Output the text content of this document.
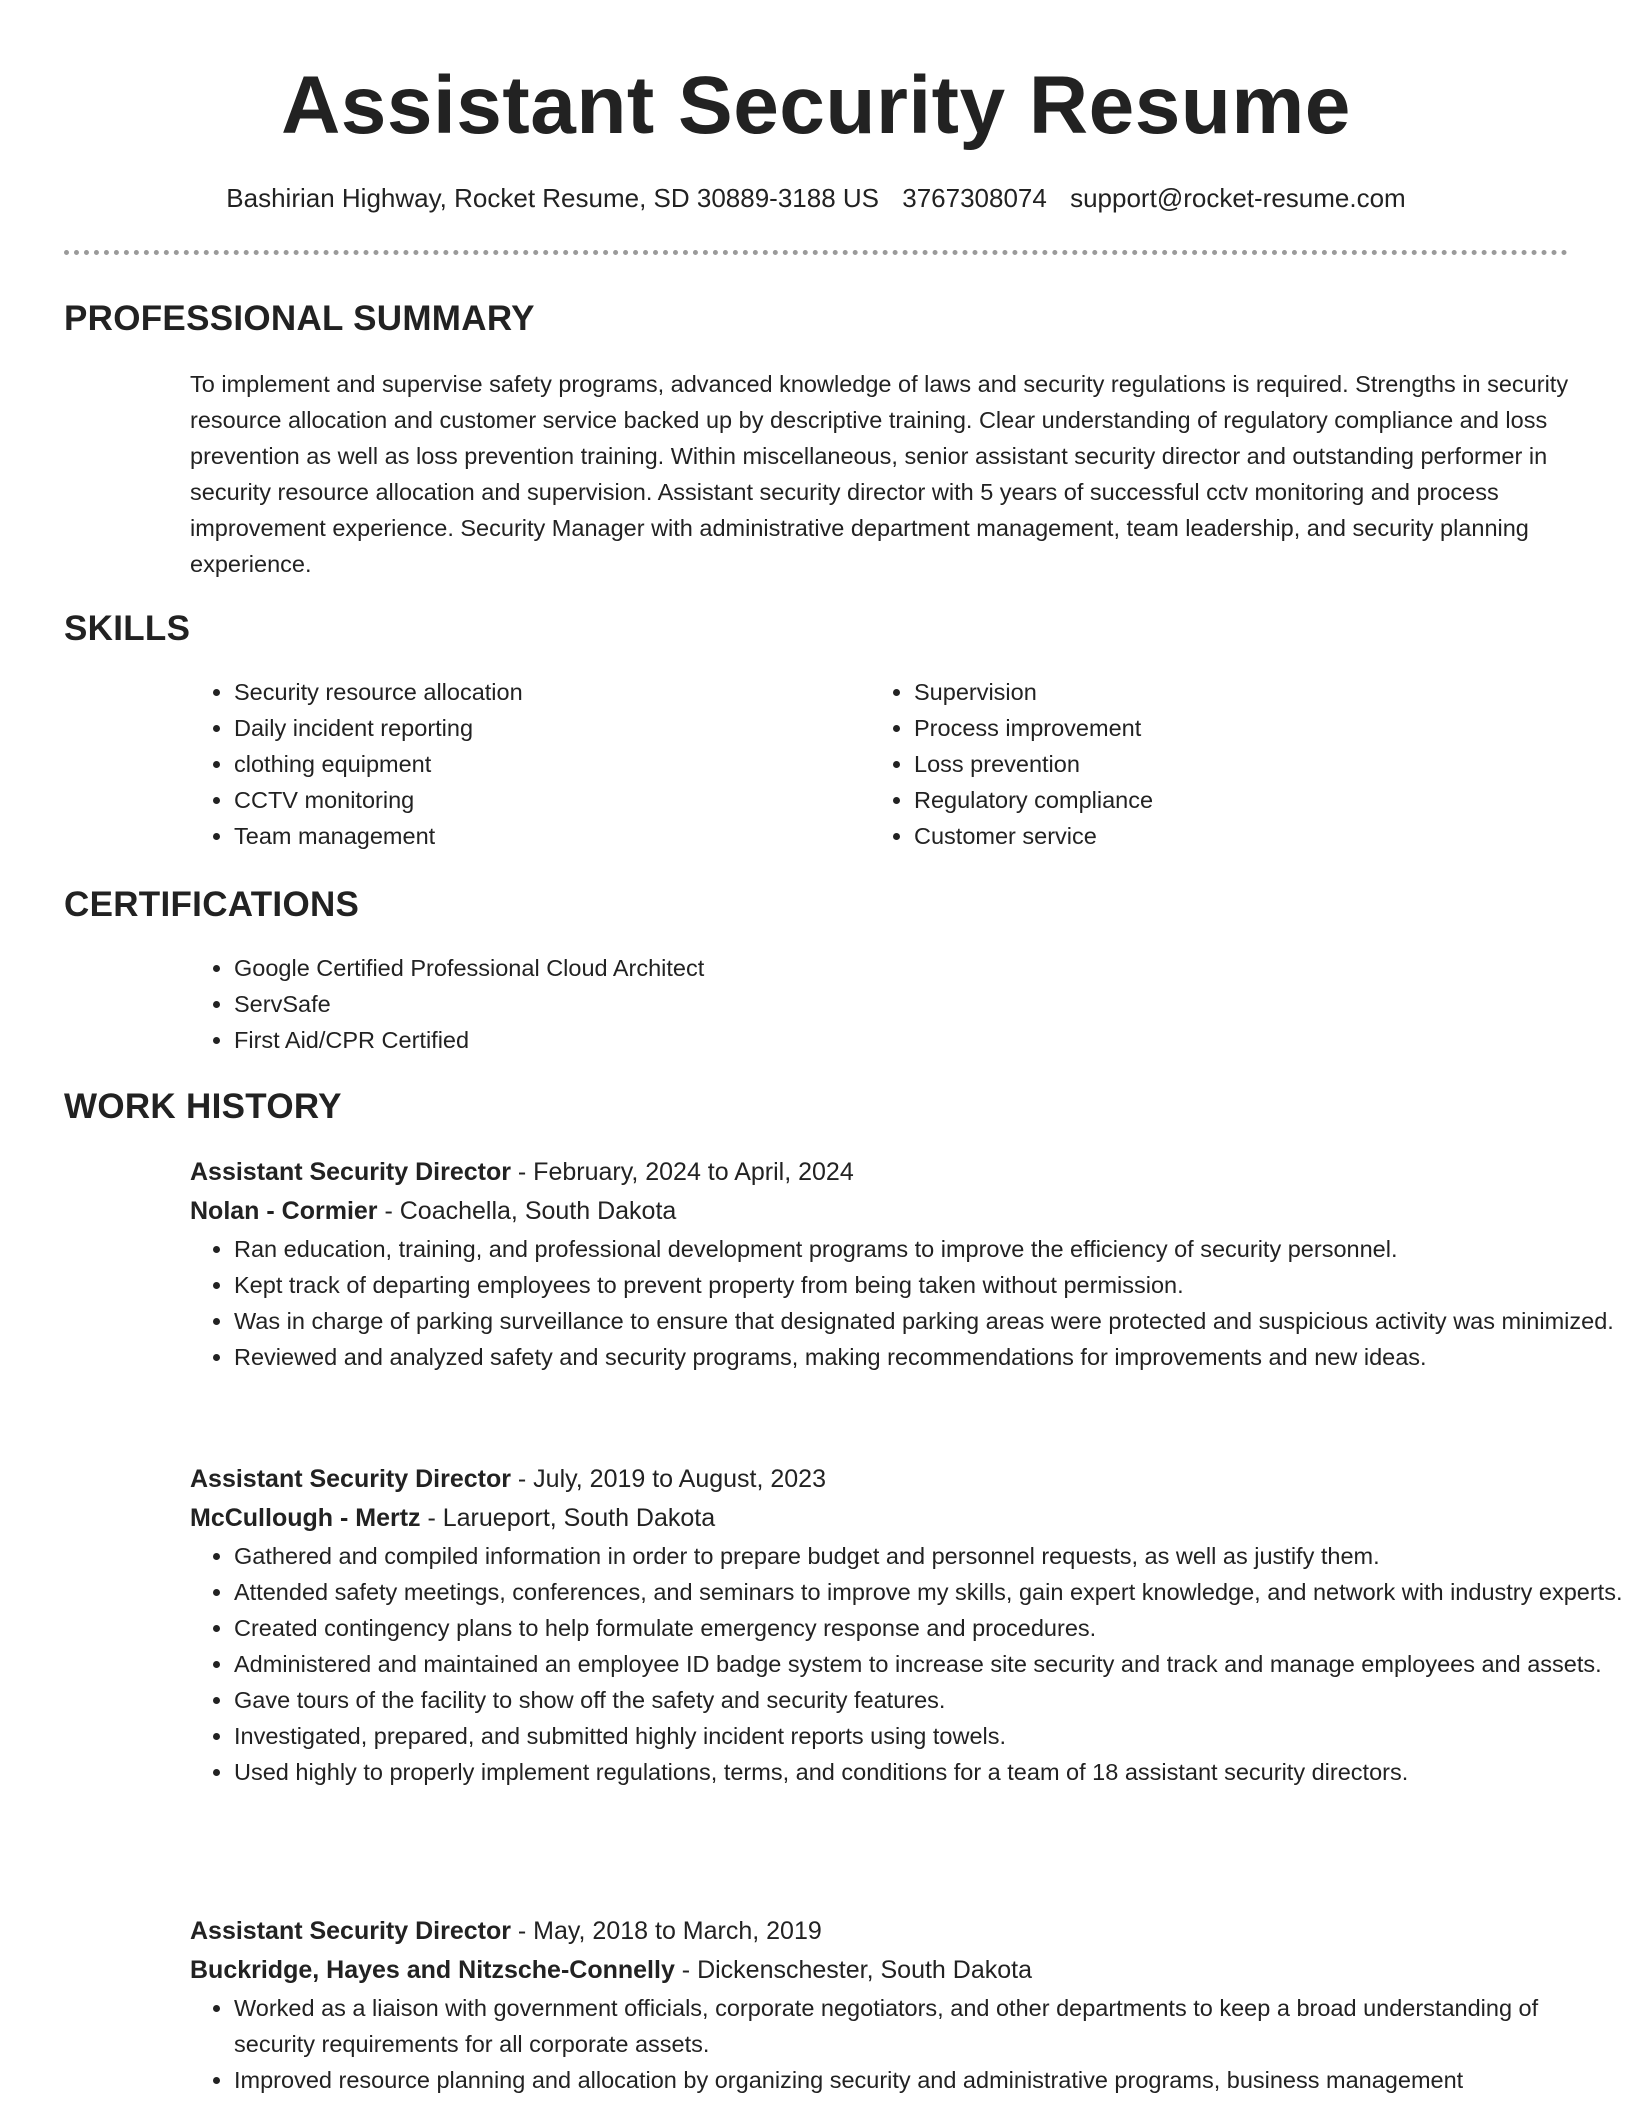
Assistant Security Resume
Bashirian Highway, Rocket Resume, SD 30889-3188 US 3767308074 support@rocket-resume.com
PROFESSIONAL SUMMARY
To implement and supervise safety programs, advanced knowledge of laws and security regulations is required. Strengths in security resource allocation and customer service backed up by descriptive training. Clear understanding of regulatory compliance and loss prevention as well as loss prevention training. Within miscellaneous, senior assistant security director and outstanding performer in security resource allocation and supervision. Assistant security director with 5 years of successful cctv monitoring and process improvement experience. Security Manager with administrative department management, team leadership, and security planning experience.
SKILLS
• Security resource allocation
• Daily incident reporting
• clothing equipment
• CCTV monitoring
• Team management
• Supervision
• Process improvement
• Loss prevention
• Regulatory compliance
• Customer service
CERTIFICATIONS
• Google Certified Professional Cloud Architect
• ServSafe
• First Aid/CPR Certified
WORK HISTORY
Assistant Security Director - February, 2024 to April, 2024
Nolan - Cormier - Coachella, South Dakota
• Ran education, training, and professional development programs to improve the efficiency of security personnel.
• Kept track of departing employees to prevent property from being taken without permission.
• Was in charge of parking surveillance to ensure that designated parking areas were protected and suspicious activity was minimized.
• Reviewed and analyzed safety and security programs, making recommendations for improvements and new ideas.
Assistant Security Director - July, 2019 to August, 2023
McCullough - Mertz - Larueport, South Dakota
• Gathered and compiled information in order to prepare budget and personnel requests, as well as justify them.
• Attended safety meetings, conferences, and seminars to improve my skills, gain expert knowledge, and network with industry experts.
• Created contingency plans to help formulate emergency response and procedures.
• Administered and maintained an employee ID badge system to increase site security and track and manage employees and assets.
• Gave tours of the facility to show off the safety and security features.
• Investigated, prepared, and submitted highly incident reports using towels.
• Used highly to properly implement regulations, terms, and conditions for a team of 18 assistant security directors.
Assistant Security Director - May, 2018 to March, 2019
Buckridge, Hayes and Nitzsche-Connelly - Dickenschester, South Dakota
• Worked as a liaison with government officials, corporate negotiators, and other departments to keep a broad understanding of security requirements for all corporate assets.
• Improved resource planning and allocation by organizing security and administrative programs, business management
